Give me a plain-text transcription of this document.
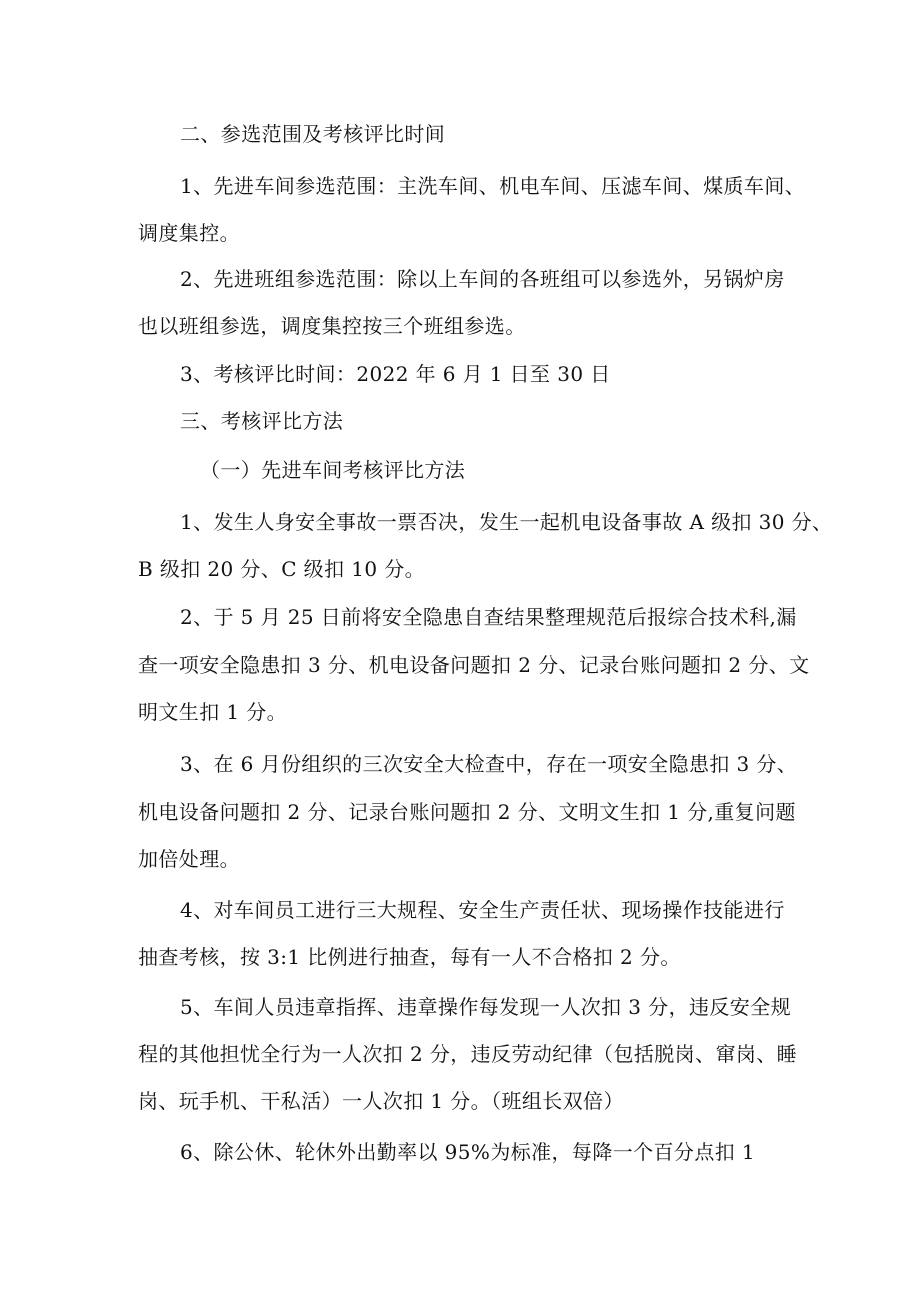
二、参选范围及考核评比时间
1、先进车间参选范围：主洗车间、机电车间、压滤车间、煤质车间、
调度集控。
2、先进班组参选范围：除以上车间的各班组可以参选外，另锅炉房
也以班组参选，调度集控按三个班组参选。
3、考核评比时间：2022 年 6 月 1 日至 30 日
三、考核评比方法
（一）先进车间考核评比方法
1、发生人身安全事故一票否决，发生一起机电设备事故 A 级扣 30 分、
B 级扣 20 分、C 级扣 10 分。
2、于 5 月 25 日前将安全隐患自查结果整理规范后报综合技术科,漏
查一项安全隐患扣 3 分、机电设备问题扣 2 分、记录台账问题扣 2 分、文
明文生扣 1 分。
3、在 6 月份组织的三次安全大检查中，存在一项安全隐患扣 3 分、
机电设备问题扣 2 分、记录台账问题扣 2 分、文明文生扣 1 分,重复问题
加倍处理。
4、对车间员工进行三大规程、安全生产责任状、现场操作技能进行
抽查考核，按 3:1 比例进行抽查，每有一人不合格扣 2 分。
5、车间人员违章指挥、违章操作每发现一人次扣 3 分，违反安全规
程的其他担忧全行为一人次扣 2 分，违反劳动纪律（包括脱岗、窜岗、睡
岗、玩手机、干私活）一人次扣 1 分。（班组长双倍）
6、除公休、轮休外出勤率以 95%为标准，每降一个百分点扣 1
